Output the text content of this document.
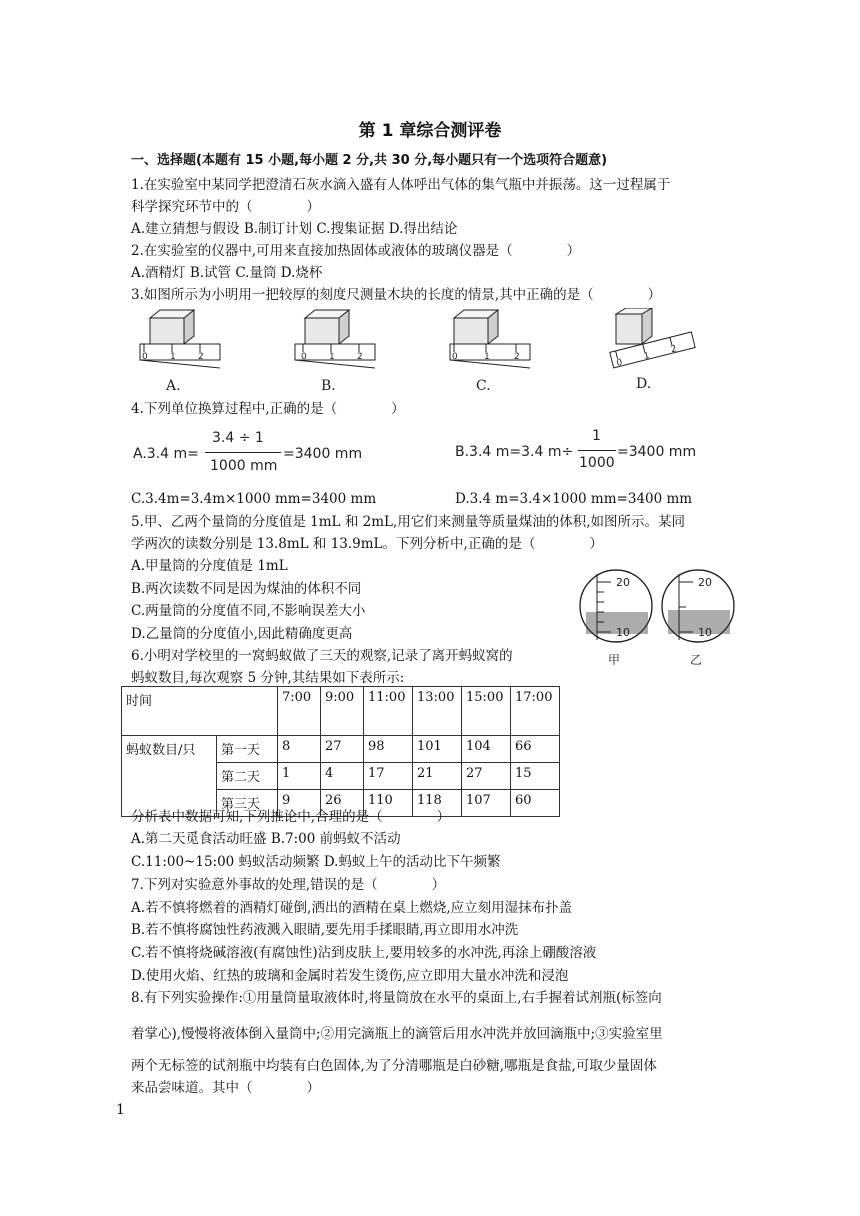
第 1 章综合测评卷
一、选择题(本题有 15 小题,每小题 2 分,共 30 分,每小题只有一个选项符合题意)
1.在实验室中某同学把澄清石灰水滴入盛有人体呼出气体的集气瓶中并振荡。这一过程属于
科学探究环节中的（　　　　）
A.建立猜想与假设 B.制订计划 C.搜集证据 D.得出结论
2.在实验室的仪器中,可用来直接加热固体或液体的玻璃仪器是（　　　　）
A.酒精灯 B.试管 C.量筒 D.烧杯
3.如图所示为小明用一把较厚的刻度尺测量木块的长度的情景,其中正确的是（　　　　）
0 1 2
A.
0 1 2
B.
0	1	2
C.
0
1
2
D.
4.下列单位换算过程中,正确的是（　　　　）
A.3.4 m=
3.4 ÷ 1
1000 mm
=3400 mm	B.3.4 m=3.4 m÷
1
1000
=3400 mm
C.3.4m=3.4m×1000 mm=3400 mm	D.3.4 m=3.4×1000 mm=3400 mm
5.甲、乙两个量筒的分度值是 1mL 和 2mL,用它们来测量等质量煤油的体积,如图所示。某同
学两次的读数分别是 13.8mL 和 13.9mL。下列分析中,正确的是（　　　　）
A.甲量筒的分度值是 1mL
B.两次读数不同是因为煤油的体积不同
C.两量筒的分度值不同,不影响误差大小
D.乙量筒的分度值小,因此精确度更高
20
10
甲
20
10
乙
6.小明对学校里的一窝蚂蚁做了三天的观察,记录了离开蚂蚁窝的
蚂蚁数目,每次观察 5 分钟,其结果如下表所示:
时间		7:00	9:00	11:00	13:00	15:00	17:00
蚂蚁数目/只	第一天	8	27	98	101	104	66
	第二天	1	4	17	21	27	15
	第三天	9	26	110	118	107	60
分析表中数据可知,下列推论中,合理的是（　　　　）
A.第二天觅食活动旺盛 B.7:00 前蚂蚁不活动
C.11:00~15:00 蚂蚁活动频繁 D.蚂蚁上午的活动比下午频繁
7.下列对实验意外事故的处理,错误的是（　　　　）
A.若不慎将燃着的酒精灯碰倒,洒出的酒精在桌上燃烧,应立刻用湿抹布扑盖
B.若不慎将腐蚀性药液溅入眼睛,要先用手揉眼睛,再立即用水冲洗
C.若不慎将烧碱溶液(有腐蚀性)沾到皮肤上,要用较多的水冲洗,再涂上硼酸溶液
D.使用火焰、红热的玻璃和金属时若发生烫伤,应立即用大量水冲洗和浸泡
8.有下列实验操作:①用量筒量取液体时,将量筒放在水平的桌面上,右手握着试剂瓶(标签向
着掌心),慢慢将液体倒入量筒中;②用完滴瓶上的滴管后用水冲洗并放回滴瓶中;③实验室里
两个无标签的试剂瓶中均装有白色固体,为了分清哪瓶是白砂糖,哪瓶是食盐,可取少量固体
来品尝味道。其中（　　　　）
1
